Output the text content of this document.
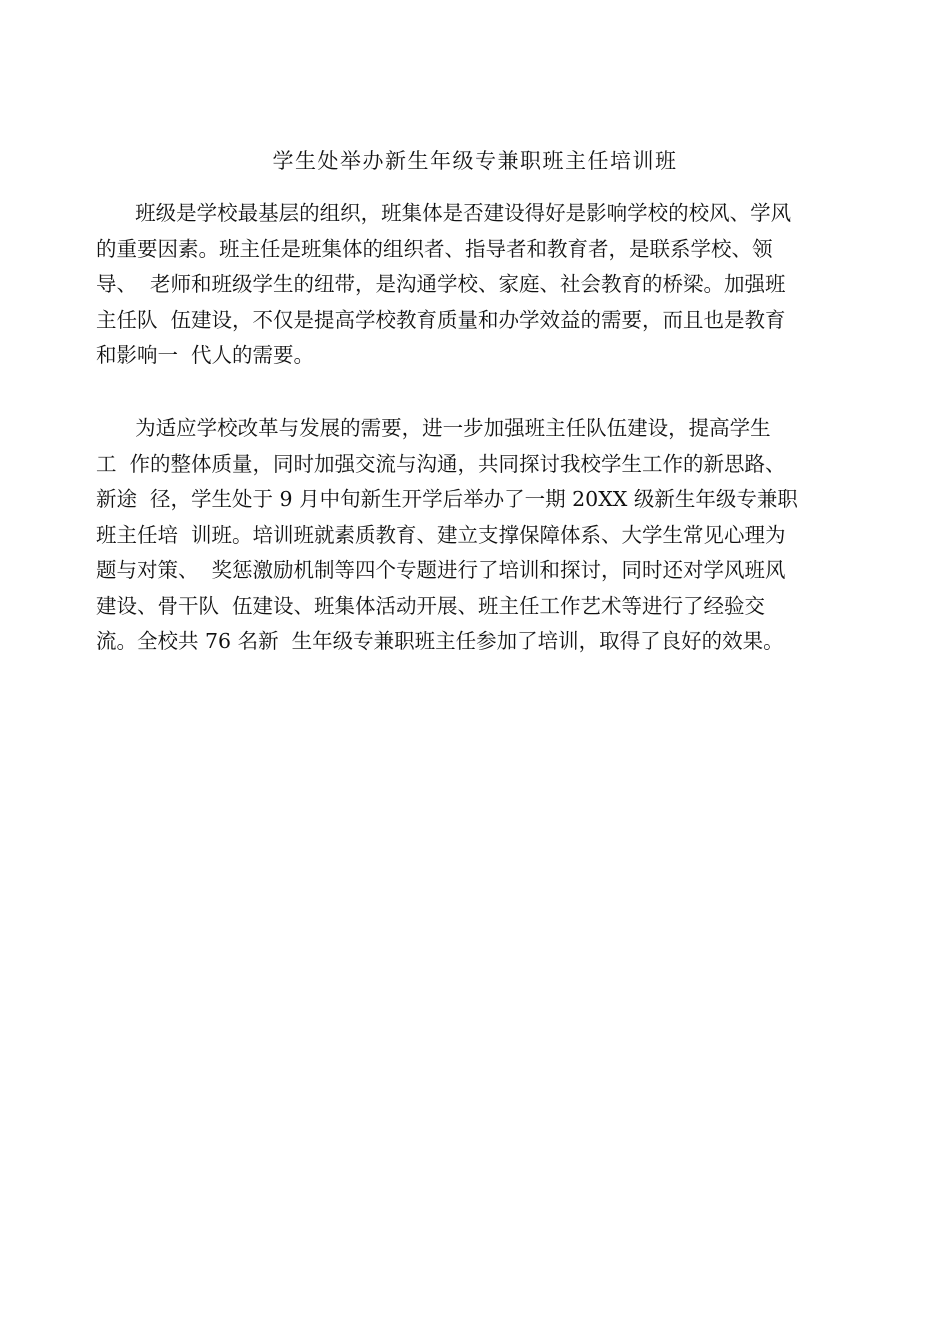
学生处举办新生年级专兼职班主任培训班
班级是学校最基层的组织，班集体是否建设得好是影响学校的校风、学风
的重要因素。班主任是班集体的组织者、指导者和教育者，是联系学校、领
导、  老师和班级学生的纽带，是沟通学校、家庭、社会教育的桥梁。加强班
主任队  伍建设，不仅是提高学校教育质量和办学效益的需要，而且也是教育
和影响一  代人的需要。
为适应学校改革与发展的需要，进一步加强班主任队伍建设，提高学生
工  作的整体质量，同时加强交流与沟通，共同探讨我校学生工作的新思路、
新途  径，学生处于 9 月中旬新生开学后举办了一期 20XX 级新生年级专兼职
班主任培  训班。培训班就素质教育、建立支撑保障体系、大学生常见心理为
题与对策、  奖惩激励机制等四个专题进行了培训和探讨，同时还对学风班风
建设、骨干队  伍建设、班集体活动开展、班主任工作艺术等进行了经验交
流。全校共 76 名新  生年级专兼职班主任参加了培训，取得了良好的效果。
